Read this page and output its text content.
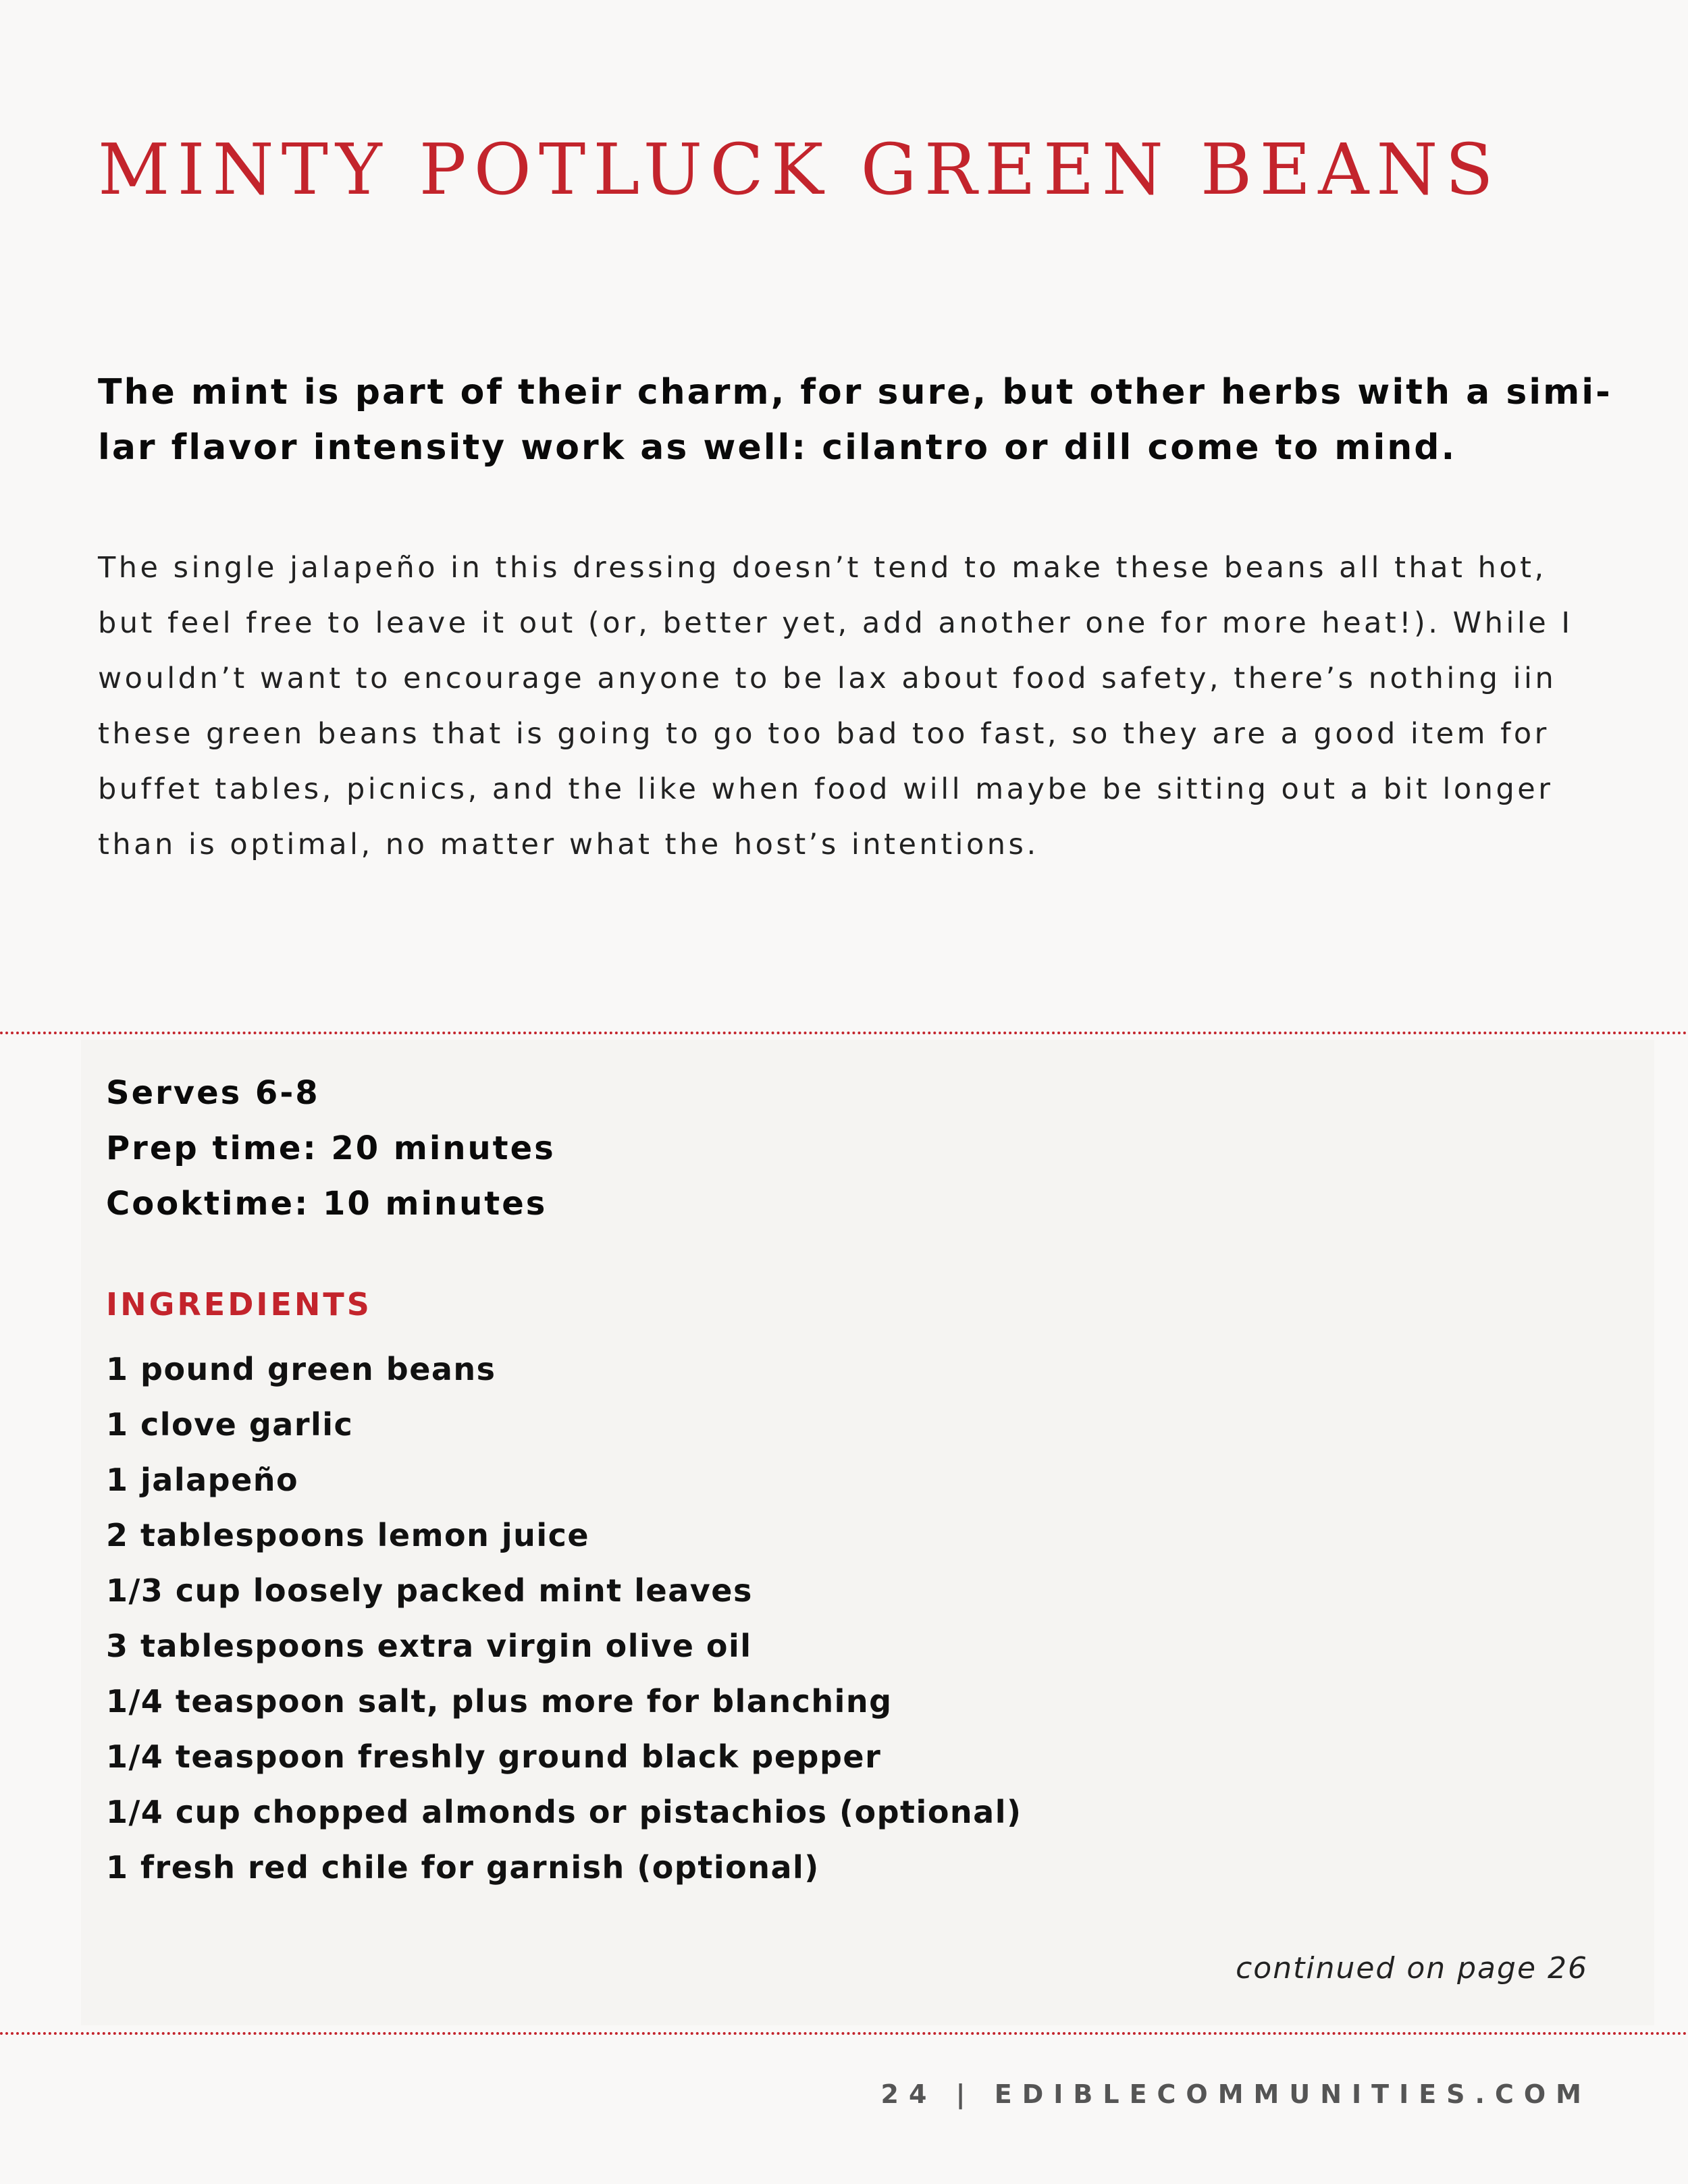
MINTY POTLUCK GREEN BEANS

The mint is part of their charm, for sure, but other herbs with a simi-
lar flavor intensity work as well: cilantro or dill come to mind.

The single jalapeño in this dressing doesn’t tend to make these beans all that hot,
but feel free to leave it out (or, better yet, add another one for more heat!). While I
wouldn’t want to encourage anyone to be lax about food safety, there’s nothing iin
these green beans that is going to go too bad too fast, so they are a good item for
buffet tables, picnics, and the like when food will maybe be sitting out a bit longer
than is optimal, no matter what the host’s intentions.

Serves 6-8
Prep time: 20 minutes
Cooktime: 10 minutes

INGREDIENTS
1 pound green beans
1 clove garlic
1 jalapeño
2 tablespoons lemon juice
1/3 cup loosely packed mint leaves
3 tablespoons extra virgin olive oil
1/4 teaspoon salt, plus more for blanching
1/4 teaspoon freshly ground black pepper
1/4 cup chopped almonds or pistachios (optional)
1 fresh red chile for garnish (optional)

continued on page 26

24 | EDIBLECOMMUNITIES.COM
